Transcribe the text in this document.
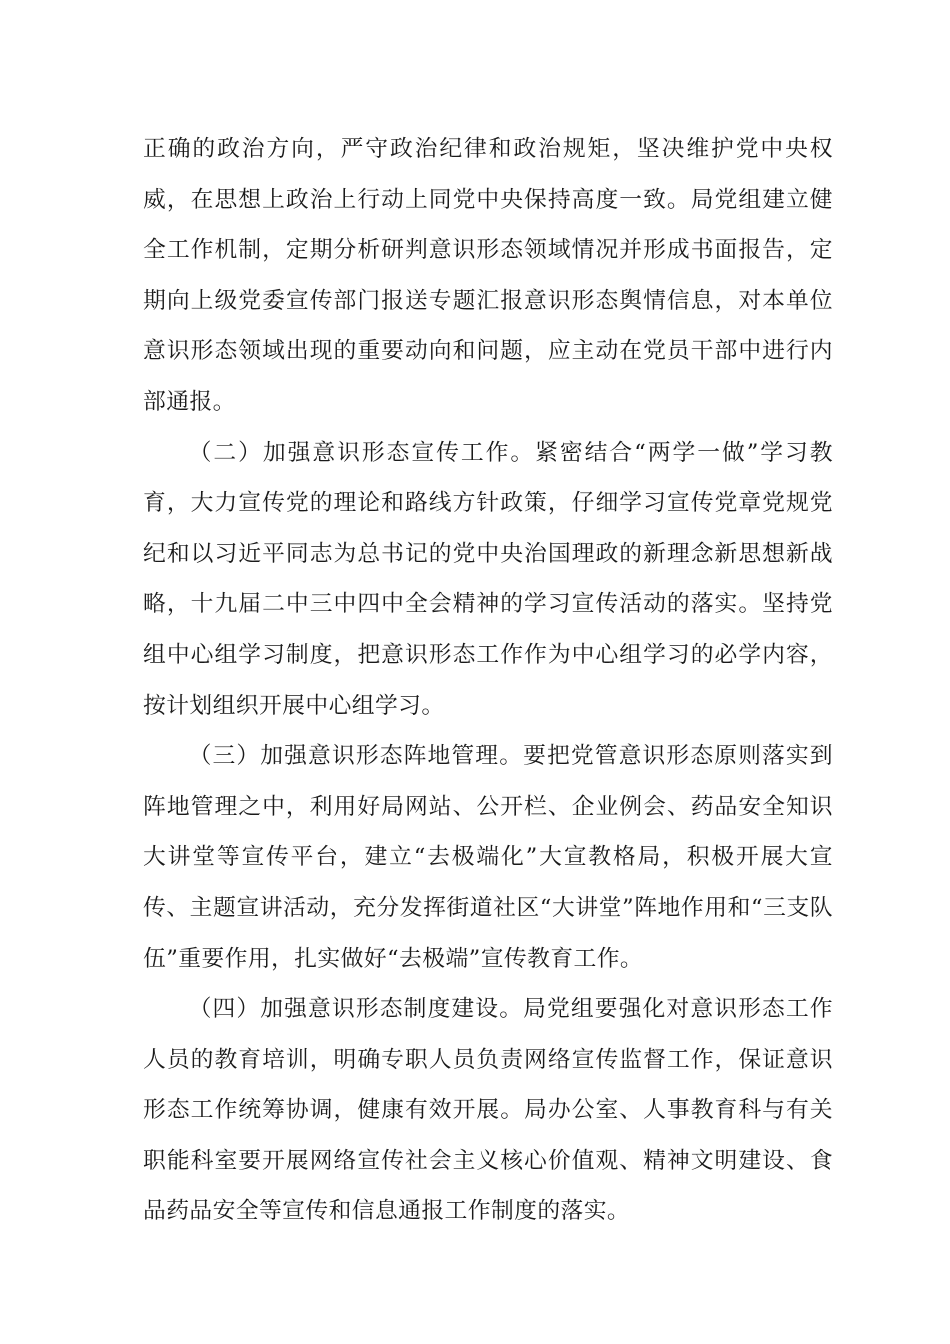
正确的政治方向，严守政治纪律和政治规矩，坚决维护党中央权威，在思想上政治上行动上同党中央保持高度一致。局党组建立健全工作机制，定期分析研判意识形态领域情况并形成书面报告，定期向上级党委宣传部门报送专题汇报意识形态舆情信息，对本单位意识形态领域出现的重要动向和问题，应主动在党员干部中进行内部通报。

（二）加强意识形态宣传工作。紧密结合“两学一做”学习教育，大力宣传党的理论和路线方针政策，仔细学习宣传党章党规党纪和以习近平同志为总书记的党中央治国理政的新理念新思想新战略，十九届二中三中四中全会精神的学习宣传活动的落实。坚持党组中心组学习制度，把意识形态工作作为中心组学习的必学内容，按计划组织开展中心组学习。

（三）加强意识形态阵地管理。要把党管意识形态原则落实到阵地管理之中，利用好局网站、公开栏、企业例会、药品安全知识大讲堂等宣传平台，建立“去极端化”大宣教格局，积极开展大宣传、主题宣讲活动，充分发挥街道社区“大讲堂”阵地作用和“三支队伍”重要作用，扎实做好“去极端”宣传教育工作。

（四）加强意识形态制度建设。局党组要强化对意识形态工作人员的教育培训，明确专职人员负责网络宣传监督工作，保证意识形态工作统筹协调，健康有效开展。局办公室、人事教育科与有关职能科室要开展网络宣传社会主义核心价值观、精神文明建设、食品药品安全等宣传和信息通报工作制度的落实。
